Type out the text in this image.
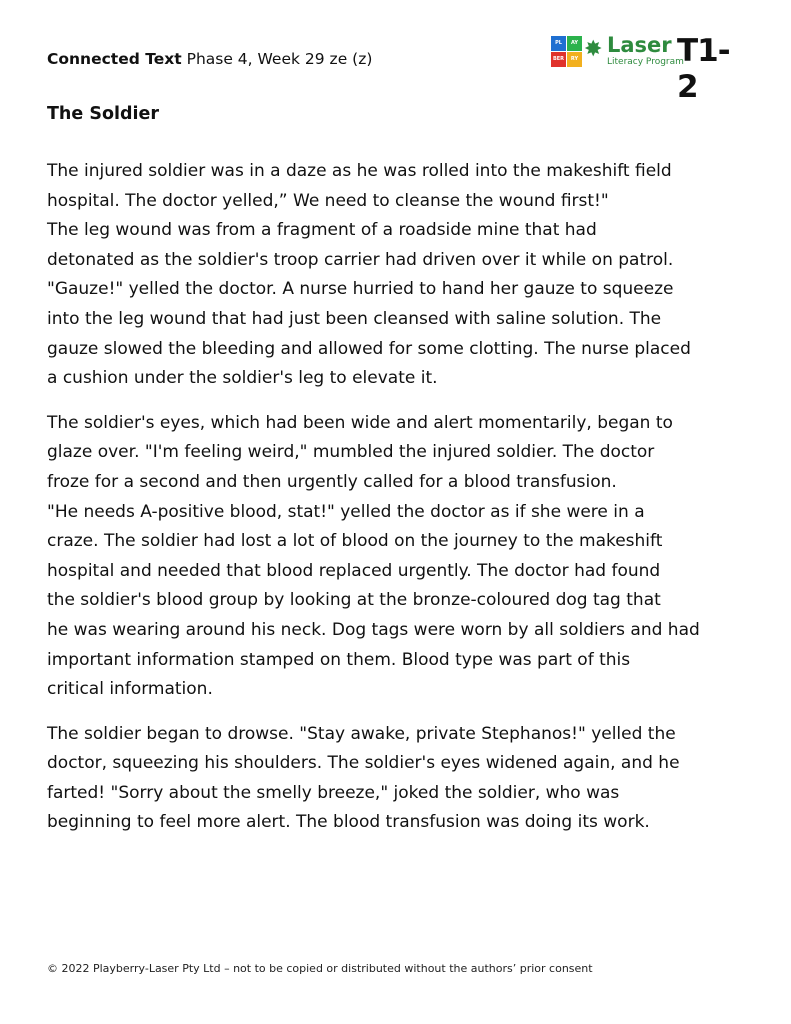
Connected Text Phase 4, Week 29 ze (z)
PL	AY
BER	RY ✸ Laser
Literacy Program
T1-2
The Soldier

The injured soldier was in a daze as he was rolled into the makeshift field
hospital. The doctor yelled,” We need to cleanse the wound first!"
The leg wound was from a fragment of a roadside mine that had
detonated as the soldier's troop carrier had driven over it while on patrol.
"Gauze!" yelled the doctor. A nurse hurried to hand her gauze to squeeze
into the leg wound that had just been cleansed with saline solution. The
gauze slowed the bleeding and allowed for some clotting. The nurse placed
a cushion under the soldier's leg to elevate it.

The soldier's eyes, which had been wide and alert momentarily, began to
glaze over. "I'm feeling weird," mumbled the injured soldier. The doctor
froze for a second and then urgently called for a blood transfusion.
"He needs A-positive blood, stat!" yelled the doctor as if she were in a
craze. The soldier had lost a lot of blood on the journey to the makeshift
hospital and needed that blood replaced urgently. The doctor had found
the soldier's blood group by looking at the bronze-coloured dog tag that
he was wearing around his neck. Dog tags were worn by all soldiers and had
important information stamped on them. Blood type was part of this
critical information.

The soldier began to drowse. "Stay awake, private Stephanos!" yelled the
doctor, squeezing his shoulders. The soldier's eyes widened again, and he
farted! "Sorry about the smelly breeze," joked the soldier, who was
beginning to feel more alert. The blood transfusion was doing its work.

© 2022 Playberry-Laser Pty Ltd – not to be copied or distributed without the authors’ prior consent
